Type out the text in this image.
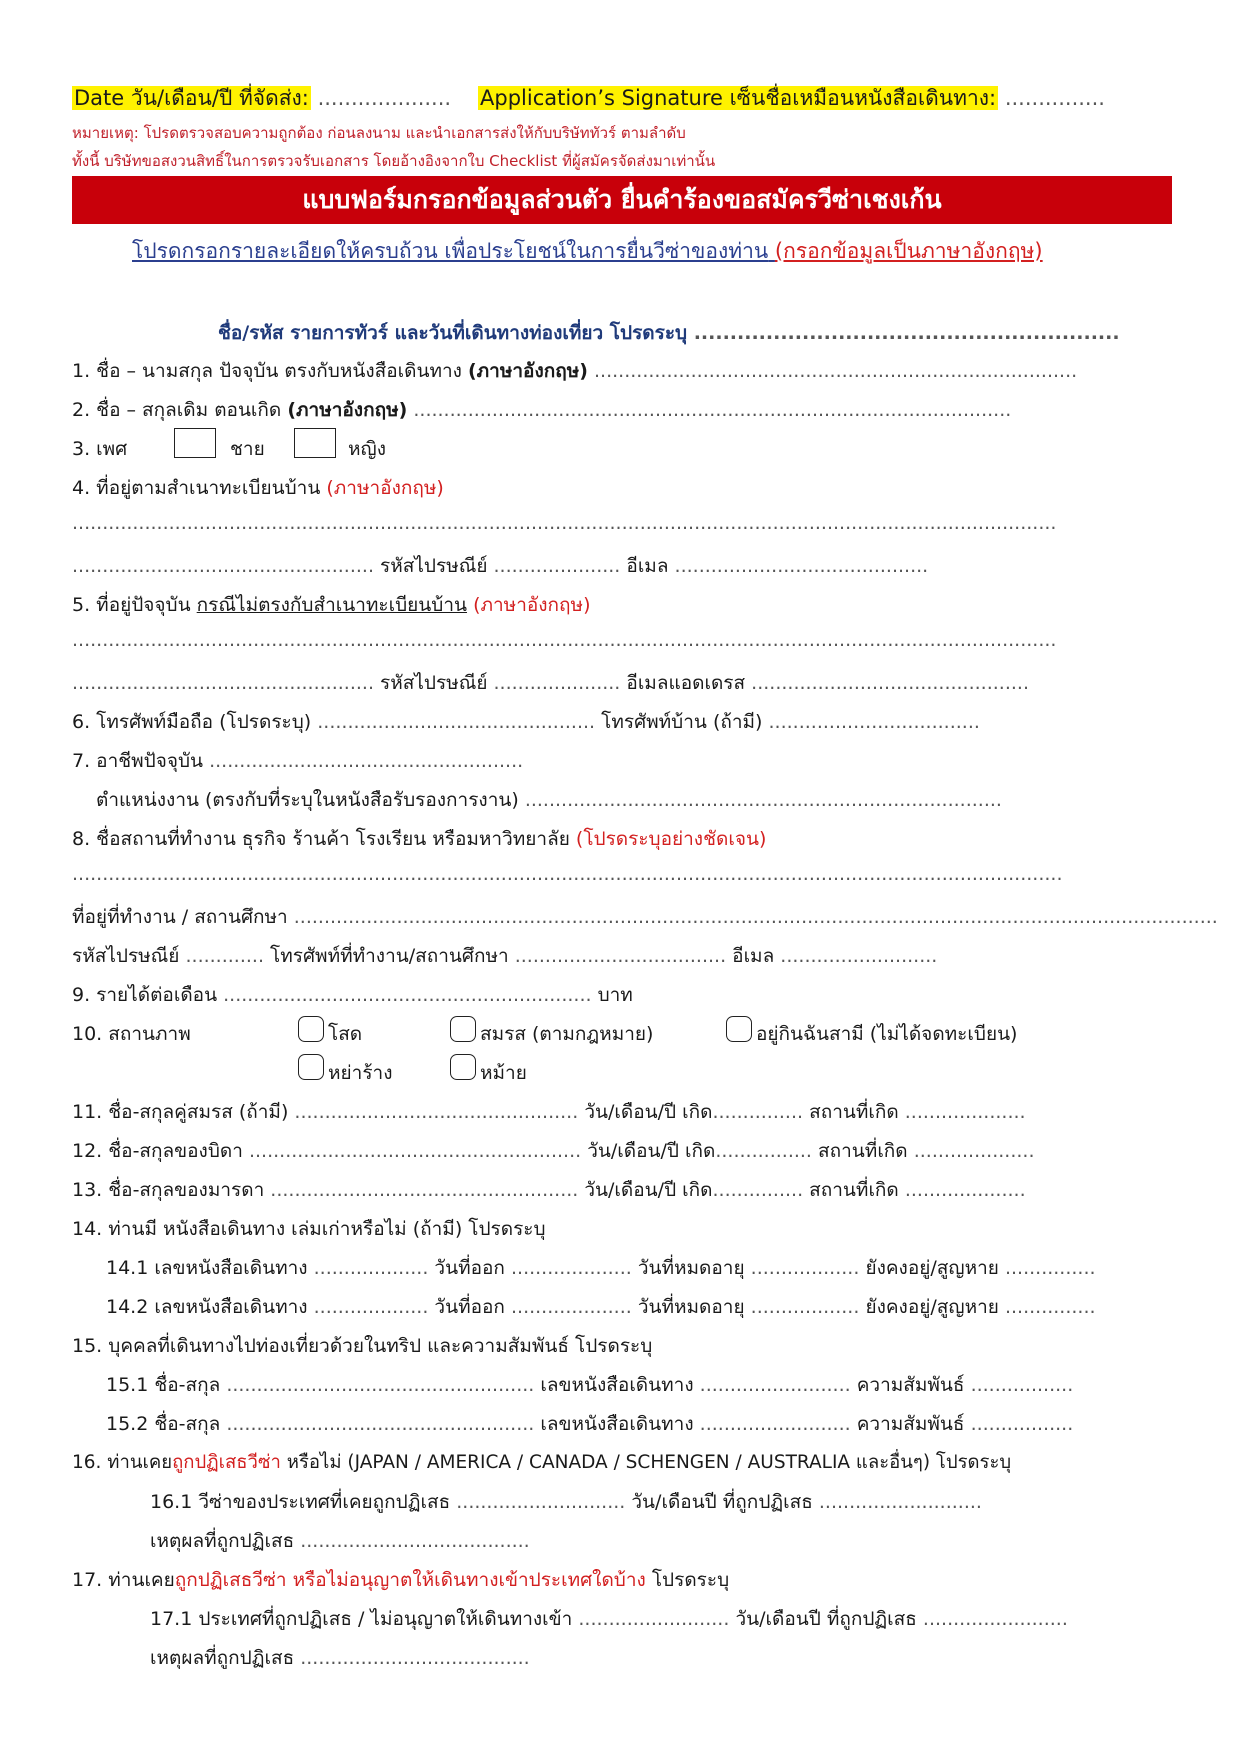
Date วัน/เดือน/ปี ที่จัดส่ง: .................... Application’s Signature เซ็นชื่อเหมือนหนังสือเดินทาง: ...............
หมายเหตุ: โปรดตรวจสอบความถูกต้อง ก่อนลงนาม และนำเอกสารส่งให้กับบริษัททัวร์ ตามลำดับ
ทั้งนี้ บริษัทขอสงวนสิทธิ์ในการตรวจรับเอกสาร โดยอ้างอิงจากใบ Checklist ที่ผู้สมัครจัดส่งมาเท่านั้น
แบบฟอร์มกรอกข้อมูลส่วนตัว ยื่นคำร้องขอสมัครวีซ่าเชงเก้น
โปรดกรอกรายละเอียดให้ครบถ้วน เพื่อประโยชน์ในการยื่นวีซ่าของท่าน (กรอกข้อมูลเป็นภาษาอังกฤษ)
ชื่อ/รหัส รายการทัวร์ และวันที่เดินทางท่องเที่ยว โปรดระบุ ...........................................................
1. ชื่อ – นามสกุล ปัจจุบัน ตรงกับหนังสือเดินทาง (ภาษาอังกฤษ) ................................................................................
2. ชื่อ – สกุลเดิม ตอนเกิด (ภาษาอังกฤษ) ...................................................................................................
3. เพศ	ชาย	หญิง
4. ที่อยู่ตามสำเนาทะเบียนบ้าน (ภาษาอังกฤษ)
...................................................................................................................................................................
.................................................. รหัสไปรษณีย์ ..................... อีเมล ..........................................
5. ที่อยู่ปัจจุบัน กรณีไม่ตรงกับสำเนาทะเบียนบ้าน (ภาษาอังกฤษ)
...................................................................................................................................................................
.................................................. รหัสไปรษณีย์ ..................... อีเมลแอดเดรส ..............................................
6. โทรศัพท์มือถือ (โปรดระบุ) .............................................. โทรศัพท์บ้าน (ถ้ามี) ...................................
7. อาชีพปัจจุบัน ....................................................
ตำแหน่งงาน (ตรงกับที่ระบุในหนังสือรับรองการงาน) ...............................................................................
8. ชื่อสถานที่ทำงาน ธุรกิจ ร้านค้า โรงเรียน หรือมหาวิทยาลัย (โปรดระบุอย่างชัดเจน)
....................................................................................................................................................................
ที่อยู่ที่ทำงาน / สถานศึกษา .........................................................................................................................................................
รหัสไปรษณีย์ ............. โทรศัพท์ที่ทำงาน/สถานศึกษา ................................... อีเมล ..........................
9. รายได้ต่อเดือน ............................................................. บาท
10. สถานภาพ	โสด	สมรส (ตามกฎหมาย)	อยู่กินฉันสามี (ไม่ได้จดทะเบียน)
หย่าร้าง	หม้าย
11. ชื่อ-สกุลคู่สมรส (ถ้ามี) ............................................... วัน/เดือน/ปี เกิด............... สถานที่เกิด ....................
12. ชื่อ-สกุลของบิดา ....................................................... วัน/เดือน/ปี เกิด................ สถานที่เกิด ....................
13. ชื่อ-สกุลของมารดา ................................................... วัน/เดือน/ปี เกิด............... สถานที่เกิด ....................
14. ท่านมี หนังสือเดินทาง เล่มเก่าหรือไม่ (ถ้ามี) โปรดระบุ
14.1 เลขหนังสือเดินทาง ................... วันที่ออก .................... วันที่หมดอายุ .................. ยังคงอยู่/สูญหาย ...............
14.2 เลขหนังสือเดินทาง ................... วันที่ออก .................... วันที่หมดอายุ .................. ยังคงอยู่/สูญหาย ...............
15. บุคคลที่เดินทางไปท่องเที่ยวด้วยในทริป และความสัมพันธ์ โปรดระบุ
15.1 ชื่อ-สกุล ................................................... เลขหนังสือเดินทาง ......................... ความสัมพันธ์ .................
15.2 ชื่อ-สกุล ................................................... เลขหนังสือเดินทาง ......................... ความสัมพันธ์ .................
16. ท่านเคยถูกปฏิเสธวีซ่า หรือไม่ (JAPAN / AMERICA / CANADA / SCHENGEN / AUSTRALIA และอื่นๆ) โปรดระบุ
16.1 วีซ่าของประเทศที่เคยถูกปฏิเสธ ............................ วัน/เดือนปี ที่ถูกปฏิเสธ ...........................
เหตุผลที่ถูกปฏิเสธ ......................................
17. ท่านเคยถูกปฏิเสธวีซ่า หรือไม่อนุญาตให้เดินทางเข้าประเทศใดบ้าง โปรดระบุ
17.1 ประเทศที่ถูกปฏิเสธ / ไม่อนุญาตให้เดินทางเข้า ......................... วัน/เดือนปี ที่ถูกปฏิเสธ ........................
เหตุผลที่ถูกปฏิเสธ ......................................
